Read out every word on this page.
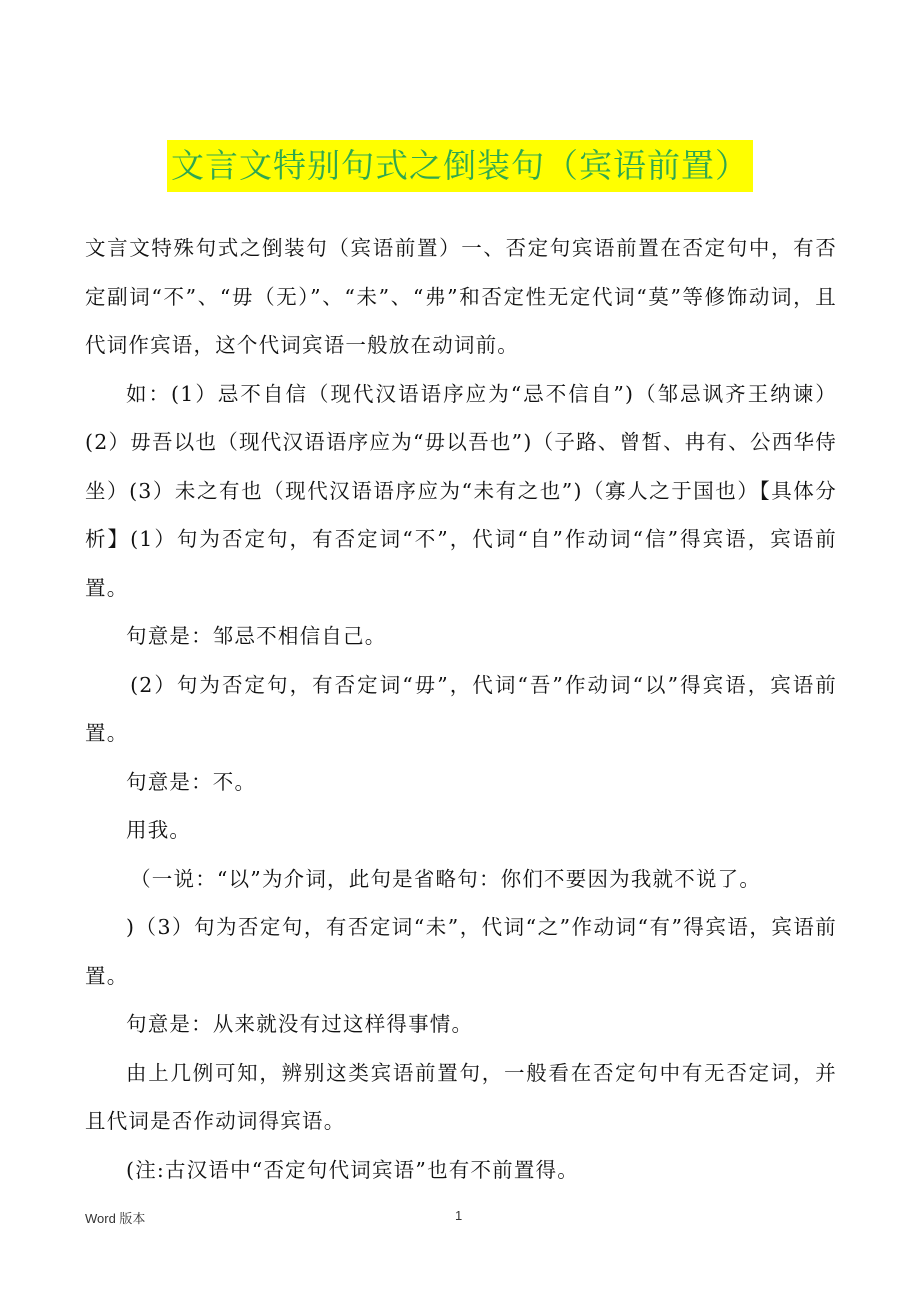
文言文特别句式之倒装句（宾语前置）

文言文特殊句式之倒装句（宾语前置）一、否定句宾语前置在否定句中，有否定副词“不”、“毋（无）”、“未”、“弗”和否定性无定代词“莫”等修饰动词，且代词作宾语，这个代词宾语一般放在动词前。

如：(1）忌不自信（现代汉语语序应为“忌不信自”)（邹忌讽齐王纳谏）(2）毋吾以也（现代汉语语序应为“毋以吾也”)（子路、曾皙、冉有、公西华侍坐）(3）未之有也（现代汉语语序应为“未有之也”)（寡人之于国也）【具体分析】(1）句为否定句，有否定词“不”，代词“自”作动词“信”得宾语，宾语前置。

句意是：邹忌不相信自己。

(2）句为否定句，有否定词“毋”，代词“吾”作动词“以”得宾语，宾语前置。

句意是：不。

用我。

（一说：“以”为介词，此句是省略句：你们不要因为我就不说了。

)（3）句为否定句，有否定词“未”，代词“之”作动词“有”得宾语，宾语前置。

句意是：从来就没有过这样得事情。

由上几例可知，辨别这类宾语前置句，一般看在否定句中有无否定词，并且代词是否作动词得宾语。

(注:古汉语中“否定句代词宾语”也有不前置得。

Word 版本	1
